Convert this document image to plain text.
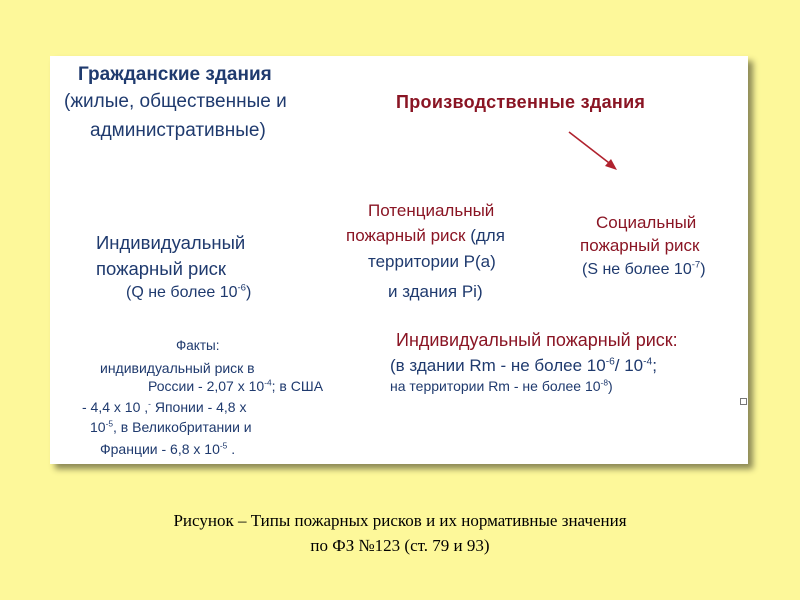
Гражданские здания
(жилые, общественные и
административные)
Производственные здания
Индивидуальный
пожарный риск
(Q не более $10^{-6}$)
Потенциальный
пожарный риск (для
территории Р(а)
и здания Рi)
Социальный
пожарный риск
(S не более $10^{-7}$)
Факты:
индивидуальный риск в
России - 2,07 x $10^{-4}$; в США
- 4,4 x 10 ,- Японии - 4,8 x
$10^{-5}$, в Великобритании и
Франции - 6,8 x $10^{-5}$ .
Индивидуальный пожарный риск:
(в здании Rm - не более $10^{-6}/$ $10^{-4}$;
на территории Rm - не более $10^{-8}$)
Рисунок – Типы пожарных рисков и их нормативные значения
по ФЗ №123 (ст. 79 и 93)
